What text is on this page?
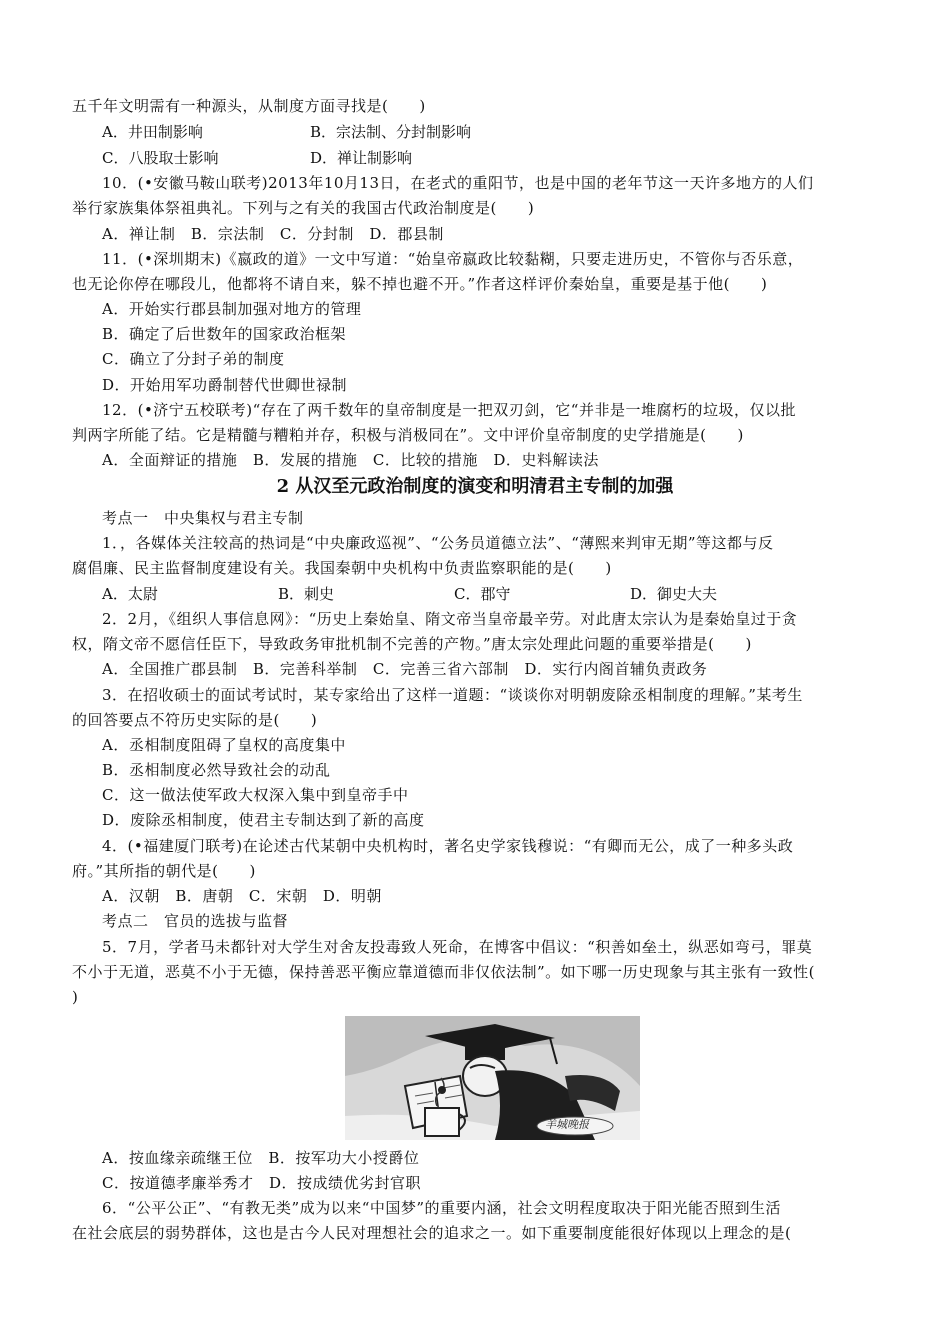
五千年文明需有一种源头，从制度方面寻找是(　　)
A．井田制影响	B．宗法制、分封制影响
C．八股取士影响	D．禅让制影响
10．(•安徽马鞍山联考)2013年10月13日，在老式的重阳节，也是中国的老年节这一天许多地方的人们
举行家族集体祭祖典礼。下列与之有关的我国古代政治制度是(　　)
A．禅让制　B．宗法制　C．分封制　D．郡县制
11．(•深圳期末)《嬴政的道》一文中写道：“始皇帝嬴政比较黏糊，只要走进历史，不管你与否乐意，
也无论你停在哪段儿，他都将不请自来，躲不掉也避不开。”作者这样评价秦始皇，重要是基于他(　　)
A．开始实行郡县制加强对地方的管理
B．确定了后世数年的国家政治框架
C．确立了分封子弟的制度
D．开始用军功爵制替代世卿世禄制
12．(•济宁五校联考)“存在了两千数年的皇帝制度是一把双刃剑，它“并非是一堆腐朽的垃圾，仅以批
判两字所能了结。它是精髓与糟粕并存，积极与消极同在”。文中评价皇帝制度的史学措施是(　　)
A．全面辩证的措施　B．发展的措施　C．比较的措施　D．史料解读法
2 从汉至元政治制度的演变和明清君主专制的加强
考点一　中央集权与君主专制
1．，各媒体关注较高的热词是“中央廉政巡视”、“公务员道德立法”、“薄熙来判审无期”等这都与反
腐倡廉、民主监督制度建设有关。我国秦朝中央机构中负责监察职能的是(　　)
A．太尉	B．刺史	C．郡守	D．御史大夫
2．2月，《组织人事信息网》：“历史上秦始皇、隋文帝当皇帝最辛劳。对此唐太宗认为是秦始皇过于贪
权，隋文帝不愿信任臣下，导致政务审批机制不完善的产物。”唐太宗处理此问题的重要举措是(　　)
A．全国推广郡县制　B．完善科举制　C．完善三省六部制　D．实行内阁首辅负责政务
3．在招收硕士的面试考试时，某专家给出了这样一道题：“谈谈你对明朝废除丞相制度的理解。”某考生
的回答要点不符历史实际的是(　　)
A．丞相制度阻碍了皇权的高度集中
B．丞相制度必然导致社会的动乱
C．这一做法使军政大权深入集中到皇帝手中
D．废除丞相制度，使君主专制达到了新的高度
4．(•福建厦门联考)在论述古代某朝中央机构时，著名史学家钱穆说：“有卿而无公，成了一种多头政
府。”其所指的朝代是(　　)
A．汉朝　B．唐朝　C．宋朝　D．明朝
考点二　官员的选拔与监督
5．7月，学者马未都针对大学生对舍友投毒致人死命，在博客中倡议：“积善如垒土，纵恶如弯弓，罪莫
不小于无道，恶莫不小于无德，保持善恶平衡应靠道德而非仅依法制”。如下哪一历史现象与其主张有一致性(
)
羊城晚报
A．按血缘亲疏继王位　B．按军功大小授爵位
C．按道德孝廉举秀才　D．按成绩优劣封官职
6．“公平公正”、“有教无类”成为以来“中国梦”的重要内涵，社会文明程度取决于阳光能否照到生活
在社会底层的弱势群体，这也是古今人民对理想社会的追求之一。如下重要制度能很好体现以上理念的是(
